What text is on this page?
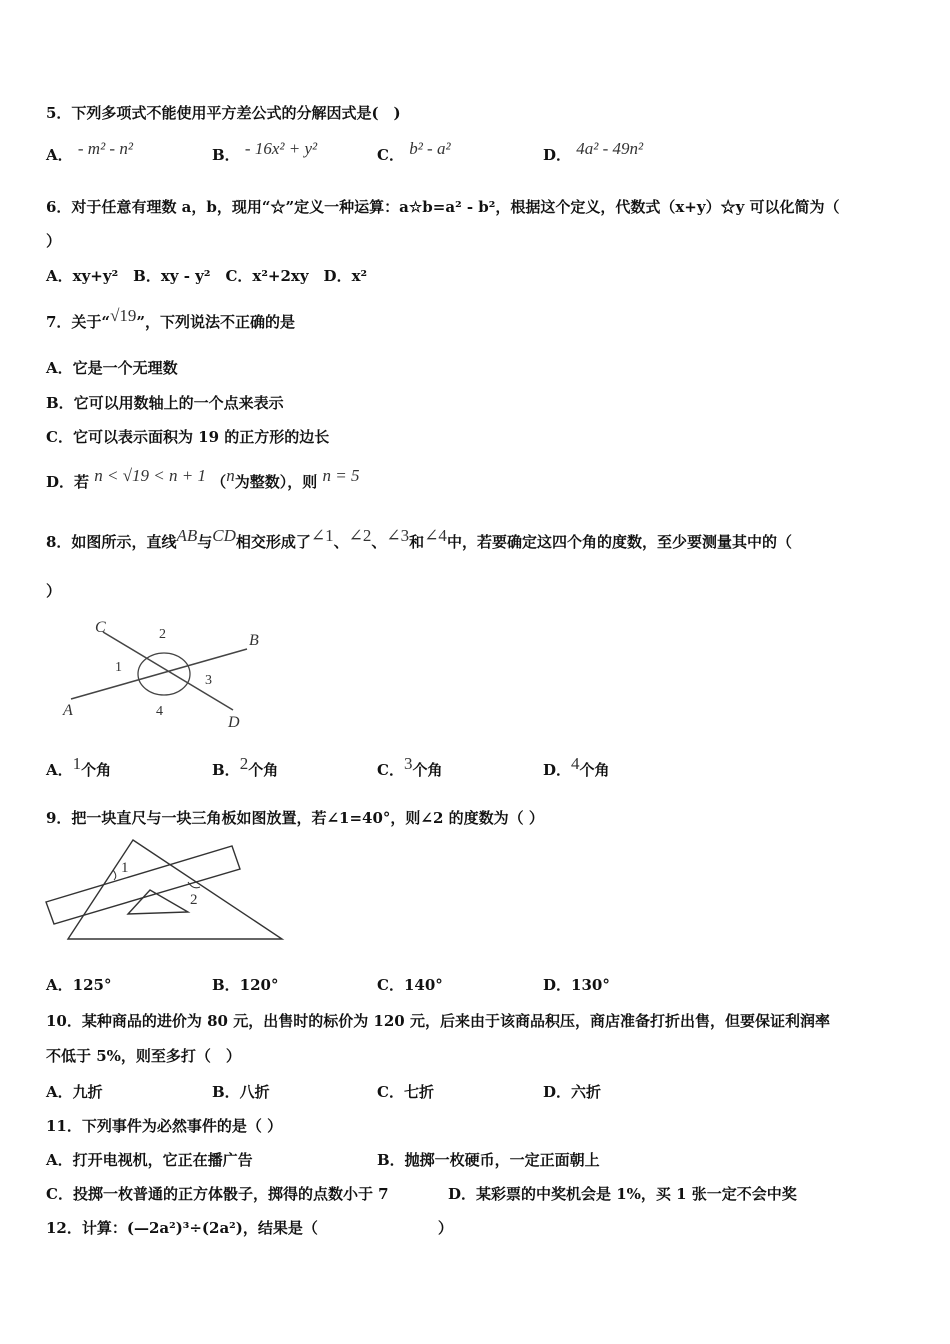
5．下列多项式不能使用平方差公式的分解因式是(　)
A． - m² - n²	B． - 16x² + y²	C． b² - a²	D． 4a² - 49n²
6．对于任意有理数 a，b，现用“☆”定义一种运算：a☆b=a² - b²，根据这个定义，代数式（x+y）☆y 可以化简为（
）
A．xy+y²　B．xy - y²　C．x²+2xy　D．x²
7．关于“√19”，下列说法不正确的是
A．它是一个无理数
B．它可以用数轴上的一个点来表示
C．它可以表示面积为 19 的正方形的边长
D．若 n < √19 < n + 1 （n为整数），则 n = 5
8．如图所示，直线AB与CD相交形成了∠1、∠2、∠3和∠4中，若要确定这四个角的度数，至少要测量其中的（
）
C
B
A
D
2
1
3
4
A．1个角	B．2个角	C．3个角	D．4个角
9．把一块直尺与一块三角板如图放置，若∠1=40°，则∠2 的度数为（ ）
1
2
A．125°	B．120°	C．140°	D．130°
10．某种商品的进价为 80 元，出售时的标价为 120 元，后来由于该商品积压，商店准备打折出售，但要保证利润率
不低于 5%，则至多打（　）
A．九折	B．八折	C．七折	D．六折
11．下列事件为必然事件的是（ ）
A．打开电视机，它正在播广告	B．抛掷一枚硬币，一定正面朝上
C．投掷一枚普通的正方体骰子，掷得的点数小于 7	D．某彩票的中奖机会是 1%，买 1 张一定不会中奖
12．计算：(—2a²)³÷(2a²)，结果是（　　　　　　　　）
